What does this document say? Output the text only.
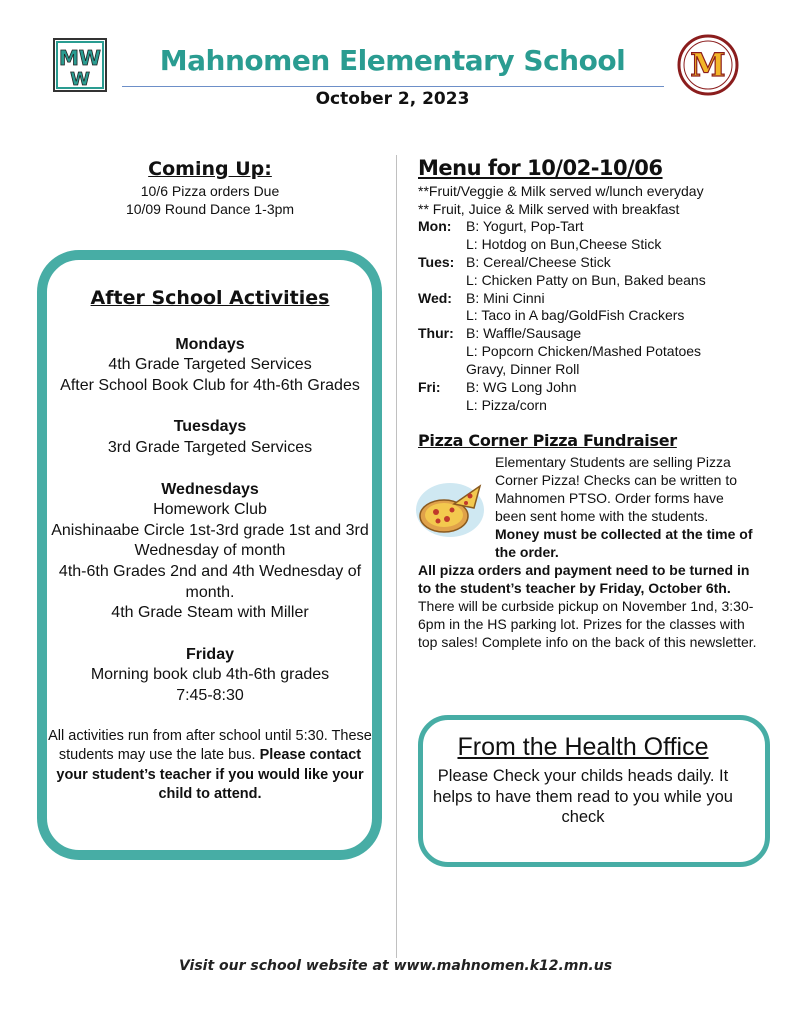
MW
W
Mahnomen Elementary School
October 2, 2023
M
Coming Up:
10/6 Pizza orders Due
10/09 Round Dance 1-3pm
After School Activities
Mondays
4th Grade Targeted Services
After School Book Club for 4th-6th Grades
Tuesdays
3rd Grade Targeted Services
Wednesdays
Homework Club
Anishinaabe Circle 1st-3rd grade 1st and 3rd Wednesday of month
4th-6th Grades 2nd and 4th Wednesday of month.
4th Grade Steam with Miller
Friday
Morning book club 4th-6th grades
7:45-8:30
All activities run from after school until 5:30. These students may use the late bus. Please contact your student’s teacher if you would like your child to attend.
Menu for 10/02-10/06
**Fruit/Veggie & Milk served w/lunch everyday
** Fruit, Juice & Milk served with breakfast
Mon: B: Yogurt, Pop-Tart
L: Hotdog on Bun,Cheese Stick
Tues: B: Cereal/Cheese Stick
L: Chicken Patty on Bun, Baked beans
Wed: B: Mini Cinni
L: Taco in A bag/GoldFish Crackers
Thur: B: Waffle/Sausage
L: Popcorn Chicken/Mashed Potatoes
Gravy, Dinner Roll
Fri: B: WG Long John
L: Pizza/corn
Pizza Corner Pizza Fundraiser
Elementary Students are selling Pizza Corner Pizza! Checks can be written to Mahnomen PTSO. Order forms have been sent home with the students. Money must be collected at the time of the order.
All pizza orders and payment need to be turned in to the student’s teacher by Friday, October 6th. There will be curbside pickup on November 1nd, 3:30-6pm in the HS parking lot. Prizes for the classes with top sales! Complete info on the back of this newsletter.
From the Health Office
Please Check your childs heads daily. It helps to have them read to you while you check
Visit our school website at www.mahnomen.k12.mn.us
